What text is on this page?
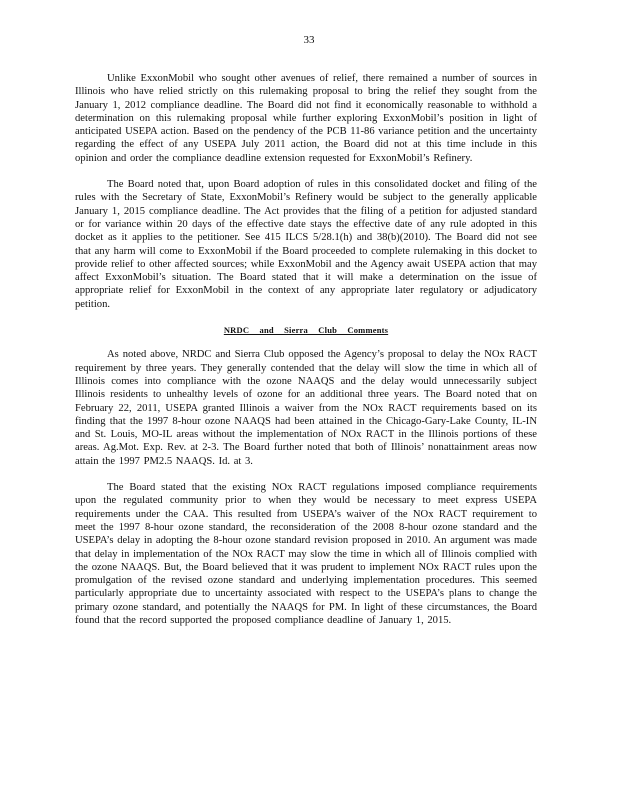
33

Unlike ExxonMobil who sought other avenues of relief, there remained a number of sources in Illinois who have relied strictly on this rulemaking proposal to bring the relief they sought from the January 1, 2012 compliance deadline. The Board did not find it economically reasonable to withhold a determination on this rulemaking proposal while further exploring ExxonMobil’s position in light of anticipated USEPA action. Based on the pendency of the PCB 11-86 variance petition and the uncertainty regarding the effect of any USEPA July 2011 action, the Board did not at this time include in this opinion and order the compliance deadline extension requested for ExxonMobil’s Refinery.

The Board noted that, upon Board adoption of rules in this consolidated docket and filing of the rules with the Secretary of State, ExxonMobil’s Refinery would be subject to the generally applicable January 1, 2015 compliance deadline. The Act provides that the filing of a petition for adjusted standard or for variance within 20 days of the effective date stays the effective date of any rule adopted in this docket as it applies to the petitioner. See 415 ILCS 5/28.1(h) and 38(b)(2010). The Board did not see that any harm will come to ExxonMobil if the Board proceeded to complete rulemaking in this docket to provide relief to other affected sources; while ExxonMobil and the Agency await USEPA action that may affect ExxonMobil’s situation. The Board stated that it will make a determination on the issue of appropriate relief for ExxonMobil in the context of any appropriate later regulatory or adjudicatory petition.

NRDC and Sierra Club Comments

As noted above, NRDC and Sierra Club opposed the Agency’s proposal to delay the NOx RACT requirement by three years. They generally contended that the delay will slow the time in which all of Illinois comes into compliance with the ozone NAAQS and the delay would unnecessarily subject Illinois residents to unhealthy levels of ozone for an additional three years. The Board noted that on February 22, 2011, USEPA granted Illinois a waiver from the NOx RACT requirements based on its finding that the 1997 8-hour ozone NAAQS had been attained in the Chicago-Gary-Lake County, IL-IN and St. Louis, MO-IL areas without the implementation of NOx RACT in the Illinois portions of these areas. Ag.Mot. Exp. Rev. at 2-3. The Board further noted that both of Illinois’ nonattainment areas now attain the 1997 PM2.5 NAAQS. Id. at 3.

The Board stated that the existing NOx RACT regulations imposed compliance requirements upon the regulated community prior to when they would be necessary to meet express USEPA requirements under the CAA. This resulted from USEPA’s waiver of the NOx RACT requirement to meet the 1997 8-hour ozone standard, the reconsideration of the 2008 8-hour ozone standard and the USEPA’s delay in adopting the 8-hour ozone standard revision proposed in 2010. An argument was made that delay in implementation of the NOx RACT may slow the time in which all of Illinois complied with the ozone NAAQS. But, the Board believed that it was prudent to implement NOx RACT rules upon the promulgation of the revised ozone standard and underlying implementation procedures. This seemed particularly appropriate due to uncertainty associated with respect to the USEPA’s plans to change the primary ozone standard, and potentially the NAAQS for PM. In light of these circumstances, the Board found that the record supported the proposed compliance deadline of January 1, 2015.
